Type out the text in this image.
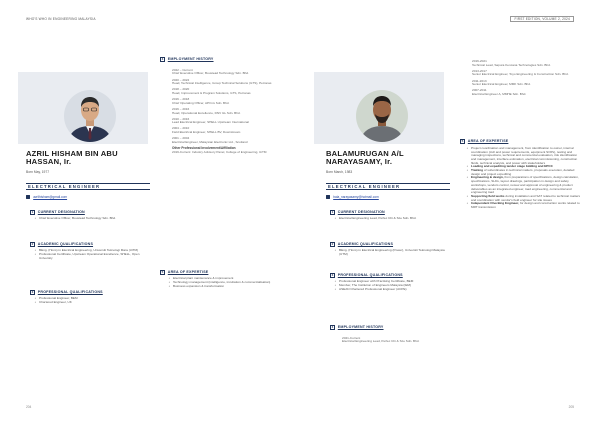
WHO'S WHO IN ENGINEERING MALAYSIA	FIRST EDITION, VOLUME 2, 2024
AZRIL HISHAM BIN ABU
HASSAN, Ir.
Born May, 1977
ELECTRICAL ENGINEER
azrilhisham@gmail.com
1	CURRENT DESIGNATION
• Chief Executive Officer, Boustead Technology Sdn. Bhd.
2	ACADEMIC QUALIFICATIONS
• BEng. (Hons) in Electrical Engineering, Universiti Teknologi Mara (UiTM)
• Professional Certificate, Upstream Operational Excellence, SHELL, Open University
3	PROFESSIONAL QUALIFICATIONS
• Professional Engineer, BEM
• Chartered Engineer, UK
4	EMPLOYMENT HISTORY
2022 – Current
Chief Executive Officer, Boustead Technology Sdn. Bhd.
2020 – 2022
Head, Technical Intelligence, Group Technical Solutions (GTS), Petronas
2018 – 2020
Head, Improvement & Program Solutions, GTS, Petronas
2016 – 2018
Chief Operating Officer, APO-G Sdn. Bhd.
2016 – 2016
Head, Operational Excellence, DNV GL Sdn. Bhd.
2010 – 2016
Lead Electrical Engineer, SHELL Upstream International
2004 – 2010
Field Electrical Engineer, SHELL BV, Downstream
2001 – 2004
Electrical Engineer, Malaysian Electronic Ltd., Scotland
Other Professional Involvement/Affiliation
2019-Current: Industry Advisory Panel, College of Engineering, UiTM
5	AREA OF EXPERTISE
• Electrical plant maintenance & improvement
• Technology management (intelligence, incubation & commercialisation)
• Business expansion & transformation
204
BALAMURUGAN A/L
NARAYASAMY, Ir.
Born March, 1983
ELECTRICAL ENGINEER
bala_narayasamy@hotmail.com
1	CURRENT DESIGNATION
• Electrical Engineering Lead, Perfec Chi & Sze Sdn. Bhd.
2	ACADEMIC QUALIFICATIONS
• BEng. (Hons) in Electrical Engineering (Power), Universiti Teknologi Malaysia (UTM)
3	PROFESSIONAL QUALIFICATIONS
• Professional Engineer with Practising Certificate, BEM
• Member, The Institution of Engineers Malaysia (IEM)
• ASEAN Chartered Professional Engineer (ACPE)
4	EMPLOYMENT HISTORY
2021-Current
Electrical Engineering Lead, Perfec Chi & Sze Sdn. Bhd.
2016-2021
Technical Lead, Sapura Kencana Technologies Sdn. Bhd.
2013-2017
Senior Electrical Engineer, Toyo Engineering & Construction Sdn. Bhd.
2011-2013
Senior Electrical Engineer, MMK Sdn. Bhd.
2007-2011
Electrical Engineer A, MMHE Sdn. Bhd.
5	AREA OF EXPERTISE
• Project coordination and management, from identification to owner, internal coordination (civil and power requirements, equipment SOPs), testing and managing inspections, technical and commercial evaluation, risk identification and management, interface estimation, electrical commissioning, construction fluids, technical analysis, and power with stakeholders
• Loading and expediting tender stage bidding and EPCC
• Training of subordinates in technical matters, proposals execution, detailed design and project expediting
• Engineering & design, from preparations of specifications, design calculation, specifications, SLDs, layout drawings, participation in design and safety workshops, vendors control, review and approval of engineering & product deliverables as an integrated engineer, load engineering, commercial and engineering load
• Supporting field works during installation and SAT related to technical matters and coordination with vendor's field engineer for site issues
• Independent Checking Engineer, for design and construction works related to MRT transmission
205
